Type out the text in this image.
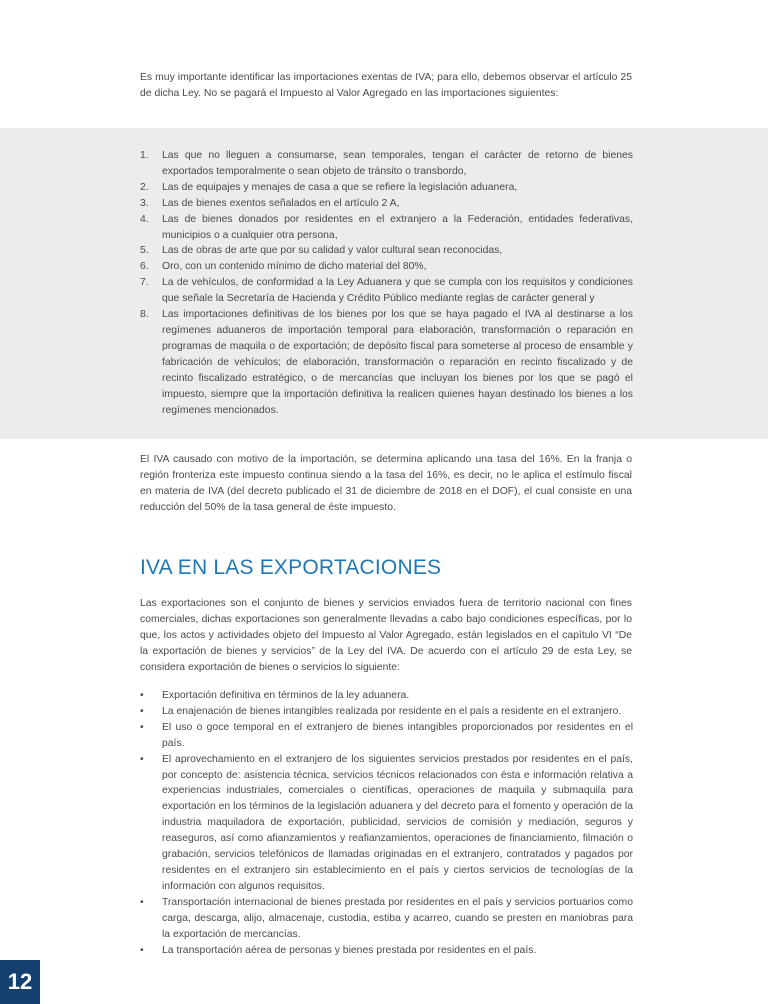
Es muy importante identificar las importaciones exentas de IVA; para ello, debemos observar el artículo 25 de dicha Ley. No se pagará el Impuesto al Valor Agregado en las importaciones siguientes:

1. Las que no lleguen a consumarse, sean temporales, tengan el carácter de retorno de bienes exportados temporalmente o sean objeto de tránsito o transbordo,
2. Las de equipajes y menajes de casa a que se refiere la legislación aduanera,
3. Las de bienes exentos señalados en el artículo 2 A,
4. Las de bienes donados por residentes en el extranjero a la Federación, entidades federativas, municipios o a cualquier otra persona,
5. Las de obras de arte que por su calidad y valor cultural sean reconocidas,
6. Oro, con un contenido mínimo de dicho material del 80%,
7. La de vehículos, de conformidad a la Ley Aduanera y que se cumpla con los requisitos y condiciones que señale la Secretaría de Hacienda y Crédito Público mediante reglas de carácter general y
8. Las importaciones definitivas de los bienes por los que se haya pagado el IVA al destinarse a los regímenes aduaneros de importación temporal para elaboración, transformación o reparación en programas de maquila o de exportación; de depósito fiscal para someterse al proceso de ensamble y fabricación de vehículos; de elaboración, transformación o reparación en recinto fiscalizado y de recinto fiscalizado estratégico, o de mercancías que incluyan los bienes por los que se pagó el impuesto, siempre que la importación definitiva la realicen quienes hayan destinado los bienes a los regímenes mencionados.

El IVA causado con motivo de la importación, se determina aplicando una tasa del 16%. En la franja o región fronteriza este impuesto continua siendo a la tasa del 16%, es decir, no le aplica el estímulo fiscal en materia de IVA (del decreto publicado el 31 de diciembre de 2018 en el DOF), el cual consiste en una reducción del 50% de la tasa general de éste impuesto.

IVA EN LAS EXPORTACIONES

Las exportaciones son el conjunto de bienes y servicios enviados fuera de territorio nacional con fines comerciales, dichas exportaciones son generalmente llevadas a cabo bajo condiciones específicas, por lo que, los actos y actividades objeto del Impuesto al Valor Agregado, están legislados en el capítulo VI “De la exportación de bienes y servicios” de la Ley del IVA. De acuerdo con el artículo 29 de esta Ley, se considera exportación de bienes o servicios lo siguiente:

• Exportación definitiva en términos de la ley aduanera.
• La enajenación de bienes intangibles realizada por residente en el país a residente en el extranjero.
• El uso o goce temporal en el extranjero de bienes intangibles proporcionados por residentes en el país.
• El aprovechamiento en el extranjero de los siguientes servicios prestados por residentes en el país, por concepto de: asistencia técnica, servicios técnicos relacionados con ésta e información relativa a experiencias industriales, comerciales o científicas, operaciones de maquila y submaquila para exportación en los términos de la legislación aduanera y del decreto para el fomento y operación de la industria maquiladora de exportación, publicidad, servicios de comisión y mediación, seguros y reaseguros, así como afianzamientos y reafianzamientos, operaciones de financiamiento, filmación o grabación, servicios telefónicos de llamadas originadas en el extranjero, contratados y pagados por residentes en el extranjero sin establecimiento en el país y ciertos servicios de tecnologías de la información con algunos requisitos.
• Transportación internacional de bienes prestada por residentes en el país y servicios portuarios como carga, descarga, alijo, almacenaje, custodia, estiba y acarreo, cuando se presten en maniobras para la exportación de mercancías.
• La transportación aérea de personas y bienes prestada por residentes en el país.
12
